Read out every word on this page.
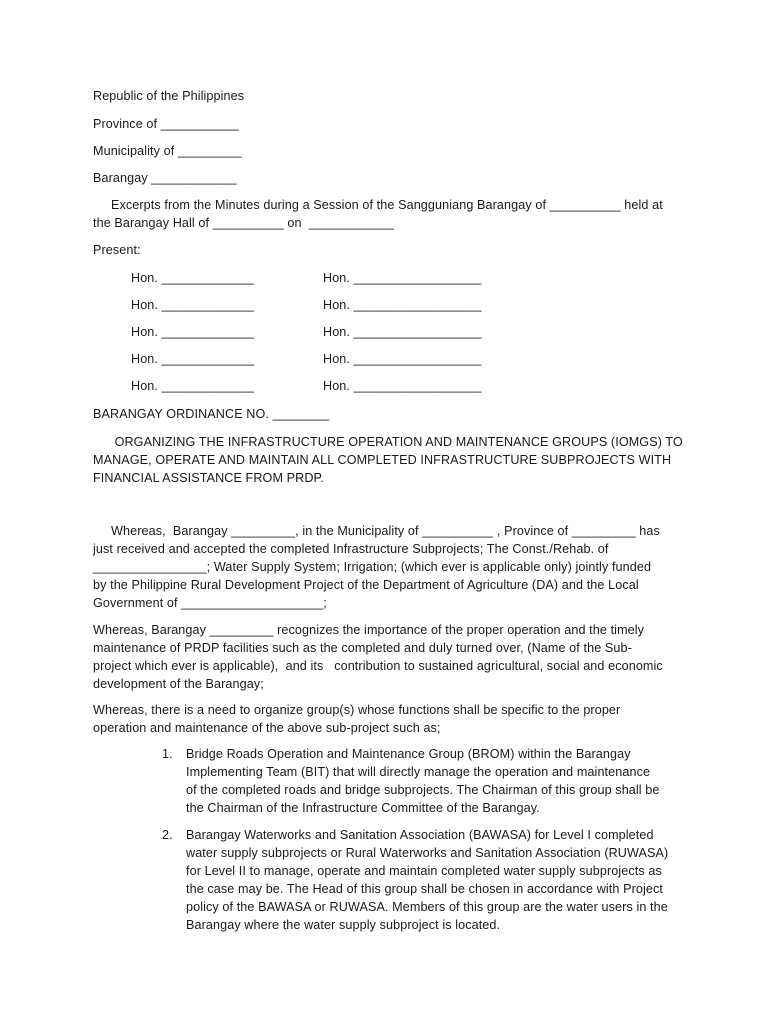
Republic of the Philippines
Province of ___________
Municipality of _________
Barangay ____________
Excerpts from the Minutes during a Session of the Sangguniang Barangay of __________ held at
the Barangay Hall of __________ on  ____________
Present:
Hon. _____________	Hon. __________________
Hon. _____________	Hon. __________________
Hon. _____________	Hon. __________________
Hon. _____________	Hon. __________________
Hon. _____________	Hon. __________________
BARANGAY ORDINANCE NO. ________
ORGANIZING THE INFRASTRUCTURE OPERATION AND MAINTENANCE GROUPS (IOMGS) TO
MANAGE, OPERATE AND MAINTAIN ALL COMPLETED INFRASTRUCTURE SUBPROJECTS WITH
FINANCIAL ASSISTANCE FROM PRDP.
Whereas,  Barangay _________, in the Municipality of __________ , Province of _________ has
just received and accepted the completed Infrastructure Subprojects; The Const./Rehab. of
________________; Water Supply System; Irrigation; (which ever is applicable only) jointly funded
by the Philippine Rural Development Project of the Department of Agriculture (DA) and the Local
Government of ____________________;
Whereas, Barangay _________ recognizes the importance of the proper operation and the timely
maintenance of PRDP facilities such as the completed and duly turned over, (Name of the Sub-
project which ever is applicable),  and its   contribution to sustained agricultural, social and economic
development of the Barangay;
Whereas, there is a need to organize group(s) whose functions shall be specific to the proper
operation and maintenance of the above sub-project such as;
1. Bridge Roads Operation and Maintenance Group (BROM) within the Barangay
Implementing Team (BIT) that will directly manage the operation and maintenance
of the completed roads and bridge subprojects. The Chairman of this group shall be
the Chairman of the Infrastructure Committee of the Barangay.
2. Barangay Waterworks and Sanitation Association (BAWASA) for Level I completed
water supply subprojects or Rural Waterworks and Sanitation Association (RUWASA)
for Level II to manage, operate and maintain completed water supply subprojects as
the case may be. The Head of this group shall be chosen in accordance with Project
policy of the BAWASA or RUWASA. Members of this group are the water users in the
Barangay where the water supply subproject is located.
